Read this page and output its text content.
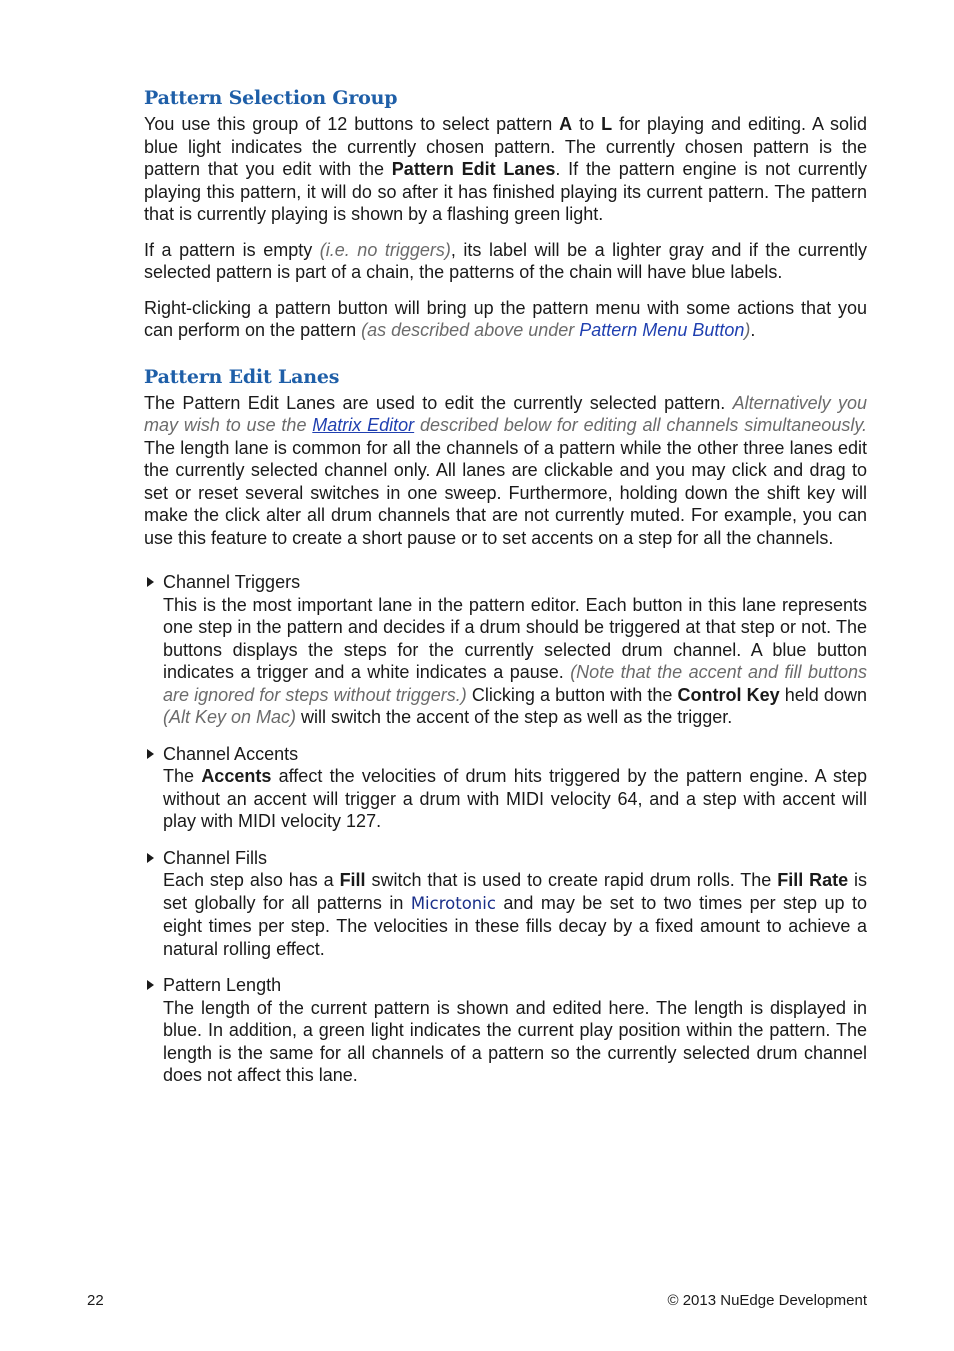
Pattern Selection Group

You use this group of 12 buttons to select pattern A to L for playing and editing. A solid blue light indicates the currently chosen pattern. The currently chosen pattern is the pattern that you edit with the Pattern Edit Lanes. If the pattern engine is not currently playing this pattern, it will do so after it has finished playing its current pattern. The pattern that is currently playing is shown by a flashing green light.

If a pattern is empty (i.e. no triggers), its label will be a lighter gray and if the currently selected pattern is part of a chain, the patterns of the chain will have blue labels.

Right-clicking a pattern button will bring up the pattern menu with some actions that you can perform on the pattern (as described above under Pattern Menu Button).

Pattern Edit Lanes

The Pattern Edit Lanes are used to edit the currently selected pattern. Alternatively you may wish to use the Matrix Editor described below for editing all channels simultaneously. The length lane is common for all the channels of a pattern while the other three lanes edit the currently selected channel only. All lanes are clickable and you may click and drag to set or reset several switches in one sweep. Furthermore, holding down the shift key will make the click alter all drum channels that are not currently muted. For example, you can use this feature to create a short pause or to set accents on a step for all the channels.

Channel Triggers

This is the most important lane in the pattern editor. Each button in this lane represents one step in the pattern and decides if a drum should be triggered at that step or not. The buttons displays the steps for the currently selected drum channel. A blue button indicates a trigger and a white indicates a pause. (Note that the accent and fill buttons are ignored for steps without triggers.) Clicking a button with the Control Key held down (Alt Key on Mac) will switch the accent of the step as well as the trigger.

Channel Accents

The Accents affect the velocities of drum hits triggered by the pattern engine. A step without an accent will trigger a drum with MIDI velocity 64, and a step with accent will play with MIDI velocity 127.

Channel Fills

Each step also has a Fill switch that is used to create rapid drum rolls. The Fill Rate is set globally for all patterns in Microtonic and may be set to two times per step up to eight times per step. The velocities in these fills decay by a fixed amount to achieve a natural rolling effect.

Pattern Length

The length of the current pattern is shown and edited here. The length is displayed in blue. In addition, a green light indicates the current play position within the pattern. The length is the same for all channels of a pattern so the currently selected drum channel does not affect this lane.

22	© 2013 NuEdge Development
